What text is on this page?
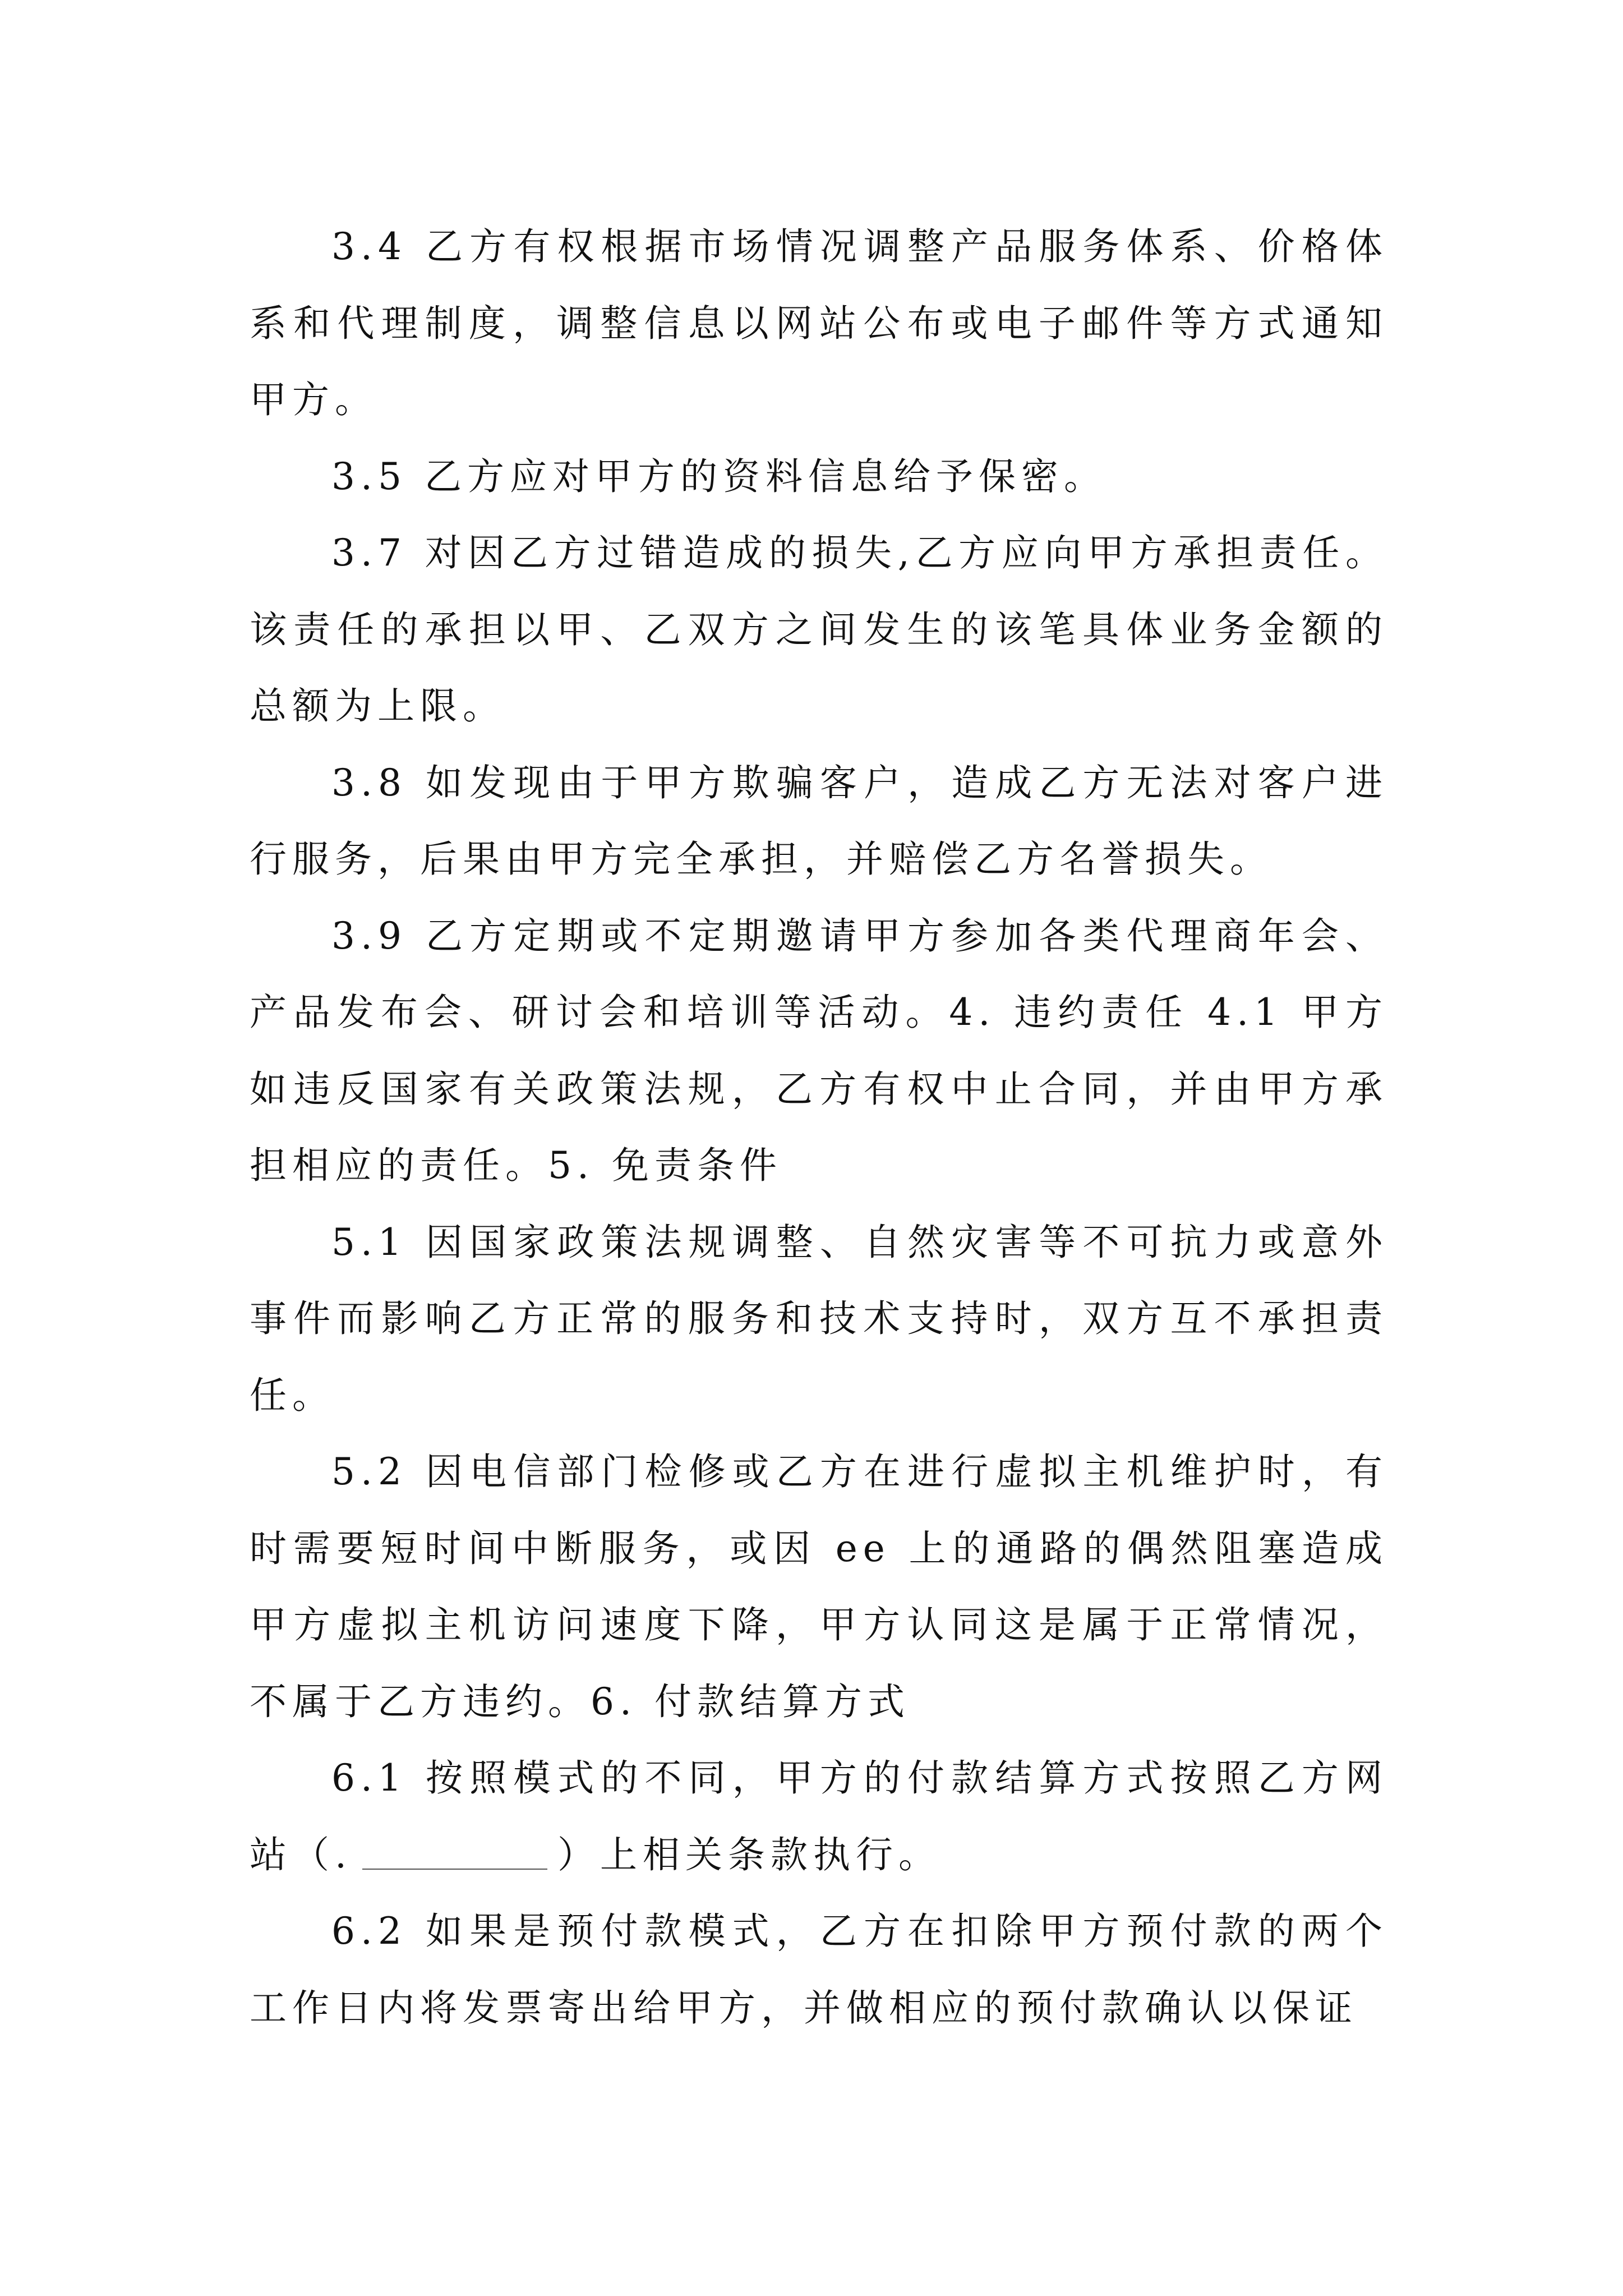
3.4 乙方有权根据市场情况调整产品服务体系、价格体系和代理制度，调整信息以网站公布或电子邮件等方式通知甲方。

3.5 乙方应对甲方的资料信息给予保密。

3.7 对因乙方过错造成的损失,乙方应向甲方承担责任。该责任的承担以甲、乙双方之间发生的该笔具体业务金额的总额为上限。

3.8 如发现由于甲方欺骗客户，造成乙方无法对客户进行服务，后果由甲方完全承担，并赔偿乙方名誉损失。

3.9 乙方定期或不定期邀请甲方参加各类代理商年会、产品发布会、研讨会和培训等活动。4. 违约责任 4.1 甲方如违反国家有关政策法规，乙方有权中止合同，并由甲方承担相应的责任。5. 免责条件

5.1 因国家政策法规调整、自然灾害等不可抗力或意外事件而影响乙方正常的服务和技术支持时，双方互不承担责任。

5.2 因电信部门检修或乙方在进行虚拟主机维护时，有时需要短时间中断服务，或因 ee 上的通路的偶然阻塞造成甲方虚拟主机访问速度下降，甲方认同这是属于正常情况，不属于乙方违约。6. 付款结算方式

6.1 按照模式的不同，甲方的付款结算方式按照乙方网站（.	）上相关条款执行。

6.2 如果是预付款模式，乙方在扣除甲方预付款的两个工作日内将发票寄出给甲方，并做相应的预付款确认以保证
